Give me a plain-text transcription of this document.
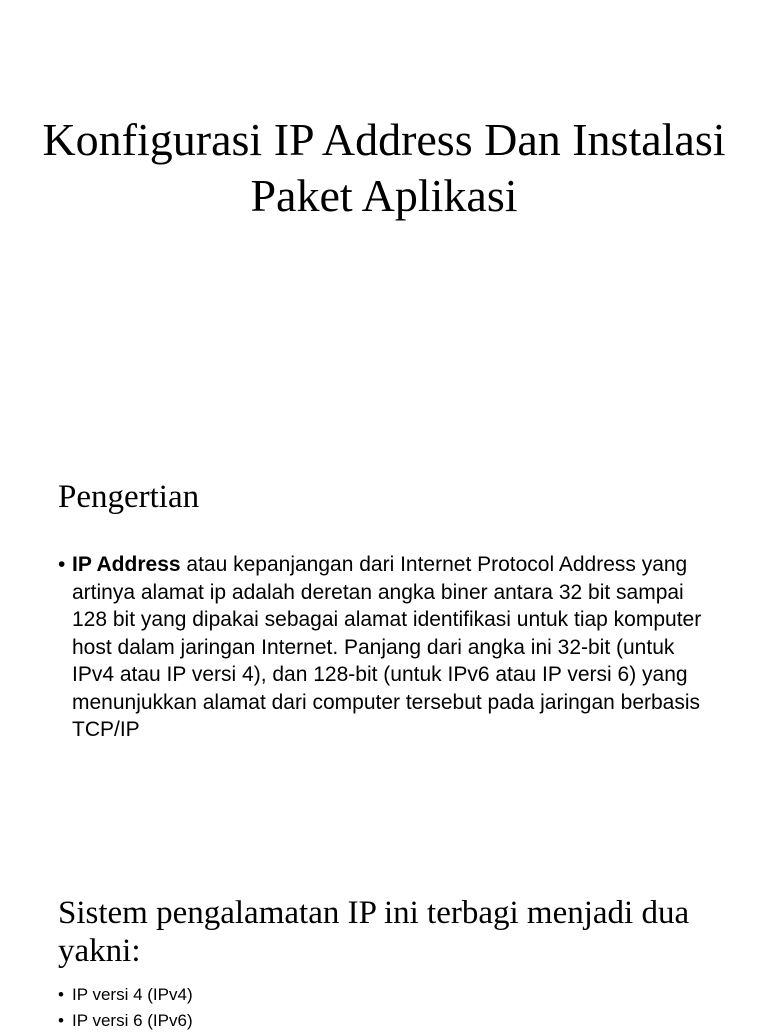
Konfigurasi IP Address Dan Instalasi Paket Aplikasi
Pengertian
• IP Address atau kepanjangan dari Internet Protocol Address yang artinya alamat ip adalah deretan angka biner antara 32 bit sampai 128 bit yang dipakai sebagai alamat identifikasi untuk tiap komputer host dalam jaringan Internet. Panjang dari angka ini 32-bit (untuk IPv4 atau IP versi 4), dan 128-bit (untuk IPv6 atau IP versi 6) yang menunjukkan alamat dari computer tersebut pada jaringan berbasis TCP/IP
Sistem pengalamatan IP ini terbagi menjadi dua yakni:
• IP versi 4 (IPv4)
• IP versi 6 (IPv6)
